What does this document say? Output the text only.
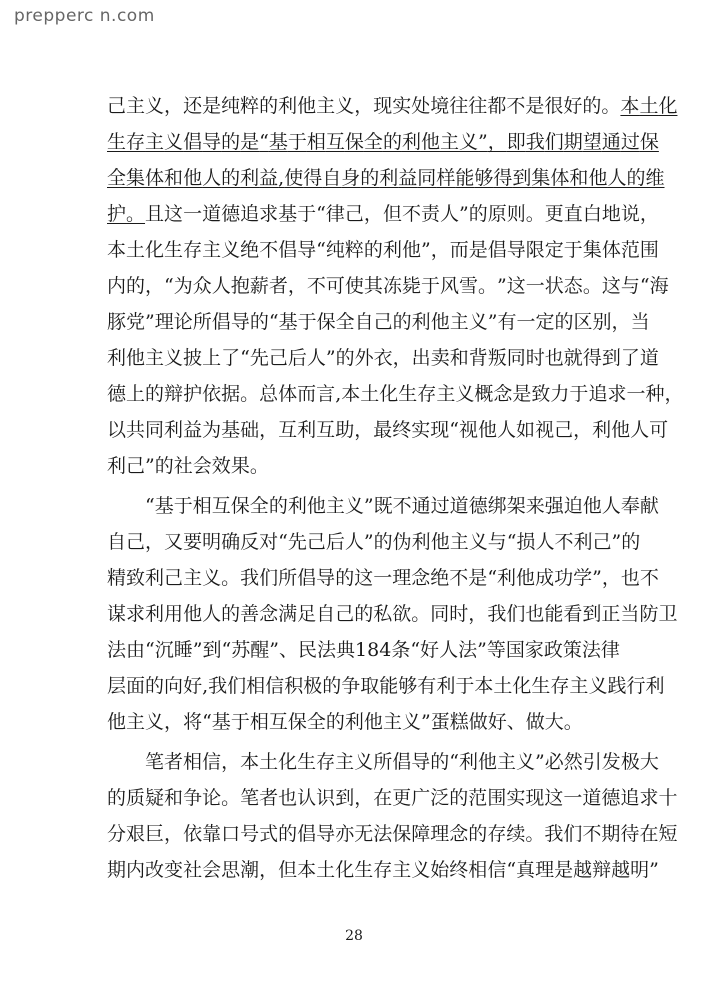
prepperc n.com
己 主 义 ， 还 是 纯 粹 的 利 他 主 义 ， 现 实 处 境 往 往 都 不 是 很 好 的 。 本 土 化
生 存 主 义 倡 导 的 是 “ 基 于 相 互 保 全 的 利 他 主 义 ” ， 即 我 们 期 望 通 过 保
全 集 体 和 他 人 的 利 益 , 使 得 自 身 的 利 益 同 样 能 够 得 到 集 体 和 他 人 的 维
护 。 且 这 一 道 德 追 求 基 于 “ 律 己 ， 但 不 责 人 ” 的 原 则 。 更 直 白 地 说 ，
本 土 化 生 存 主 义 绝 不 倡 导 “ 纯 粹 的 利 他 ” ， 而 是 倡 导 限 定 于 集 体 范 围
内 的 ， “ 为 众 人 抱 薪 者 ， 不 可 使 其 冻 毙 于 风 雪 。 ” 这 一 状 态 。 这 与 “ 海
豚 党 ” 理 论 所 倡 导 的 “ 基 于 保 全 自 己 的 利 他 主 义 ” 有 一 定 的 区 别 ， 当
利 他 主 义 披 上 了 “ 先 己 后 人 ” 的 外 衣 ， 出 卖 和 背 叛 同 时 也 就 得 到 了 道
德 上 的 辩 护 依 据 。 总 体 而 言 , 本 土 化 生 存 主 义 概 念 是 致 力 于 追 求 一 种 ，
以 共 同 利 益 为 基 础 ， 互 利 互 助 ， 最 终 实 现 “ 视 他 人 如 视 己 ， 利 他 人 可
利 己 ” 的 社 会 效 果 。
“ 基 于 相 互 保 全 的 利 他 主 义 ” 既 不 通 过 道 德 绑 架 来 强 迫 他 人 奉 献
自 己 ， 又 要 明 确 反 对 “ 先 己 后 人 ” 的 伪 利 他 主 义 与 “ 损 人 不 利 己 ” 的
精 致 利 己 主 义 。 我 们 所 倡 导 的 这 一 理 念 绝 不 是 “ 利 他 成 功 学 ” ， 也 不
谋 求 利 用 他 人 的 善 念 满 足 自 己 的 私 欲 。 同 时 ， 我 们 也 能 看 到 正 当 防 卫
法 由 “ 沉 睡 ” 到 “ 苏 醒 ” 、 民 法 典 184 条 “ 好 人 法 ” 等 国 家 政 策 法 律
层 面 的 向 好 , 我 们 相 信 积 极 的 争 取 能 够 有 利 于 本 土 化 生 存 主 义 践 行 利
他 主 义 ， 将 “ 基 于 相 互 保 全 的 利 他 主 义 ” 蛋 糕 做 好 、 做 大 。
笔 者 相 信 ， 本 土 化 生 存 主 义 所 倡 导 的 “ 利 他 主 义 ” 必 然 引 发 极 大
的 质 疑 和 争 论 。 笔 者 也 认 识 到 ， 在 更 广 泛 的 范 围 实 现 这 一 道 德 追 求 十
分 艰 巨 ， 依 靠 口 号 式 的 倡 导 亦 无 法 保 障 理 念 的 存 续 。 我 们 不 期 待 在 短
期 内 改 变 社 会 思 潮 ， 但 本 土 化 生 存 主 义 始 终 相 信 “ 真 理 是 越 辩 越 明 ”
28
